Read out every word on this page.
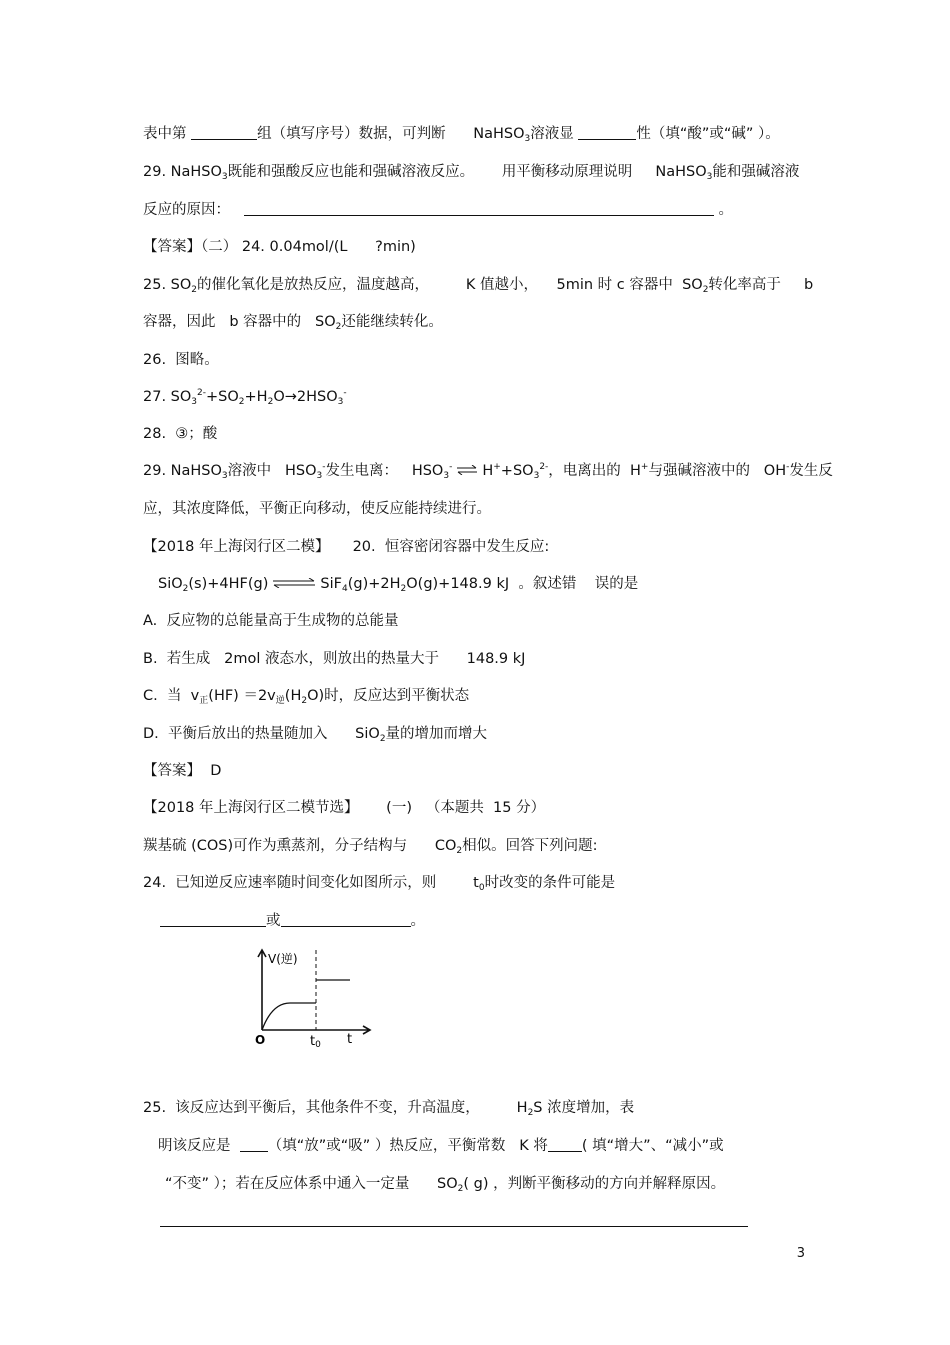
表中第	组（填写序号）数据，可判断 NaHSO$_3$溶液显	性（填“酸”或“碱” ）。
29. NaHSO$_3$既能和强酸反应也能和强碱溶液反应。 用平衡移动原理说明 NaHSO$_3$能和强碱溶液
反应的原因：	。
【答案】（二） 24. 0.04mol/(L ?min)
25. $SO_2$的催化氧化是放热反应，温度越高，	K 值越小， 5min 时 c 容器中 $SO_2$转化率高于 b
容器，因此 b 容器中的 $SO_2$还能继续转化。
26.  图略。
27. $SO_3^{2-}+SO_2+H_2O\to 2HSO_3^-$
28.  ③；酸
29. NaHSO$_3$溶液中 $HSO_3^-$发生电离： $HSO_3^-$ ⇌ $H^++SO_3^{2-}$，电离出的 H+与强碱溶液中的 OH-发生反
应，其浓度降低，平衡正向移动，使反应能持续进行。
【2018 年上海闵行区二模】 20.  恒容密闭容器中发生反应:
SiO$_2$(s)+4HF(g) ⇌ $SiF_4(g)+2H_2O(g)+148.9$ kJ 。叙述错 误的是
A.  反应物的总能量高于生成物的总能量
B.  若生成 2mol 液态水，则放出的热量大于 148.9 kJ
C.  当  $v_正(HF) =2v_逆(H_2O)$时，反应达到平衡状态
D.  平衡后放出的热量随加入 SiO$_2$量的增加而增大
【答案】 D
【2018 年上海闵行区二模节选】 (一) （本题共  15 分）
羰基硫 (COS)可作为熏蒸剂，分子结构与 $CO_2$相似。回答下列问题:
24.  已知逆反应速率随时间变化如图所示，则	$t_0$时改变的条件可能是
或	。
V(逆)
O	t0 t
25.  该反应达到平衡后，其他条件不变，升高温度，	$H_2S$ 浓度增加，表
明该反应是	（填“放”或“吸” ）热反应，平衡常数 K 将 ( 填“增大”、“减小”或
“不变” ）；若在反应体系中通入一定量 $SO_2$( g) ，判断平衡移动的方向并解释原因。
3
